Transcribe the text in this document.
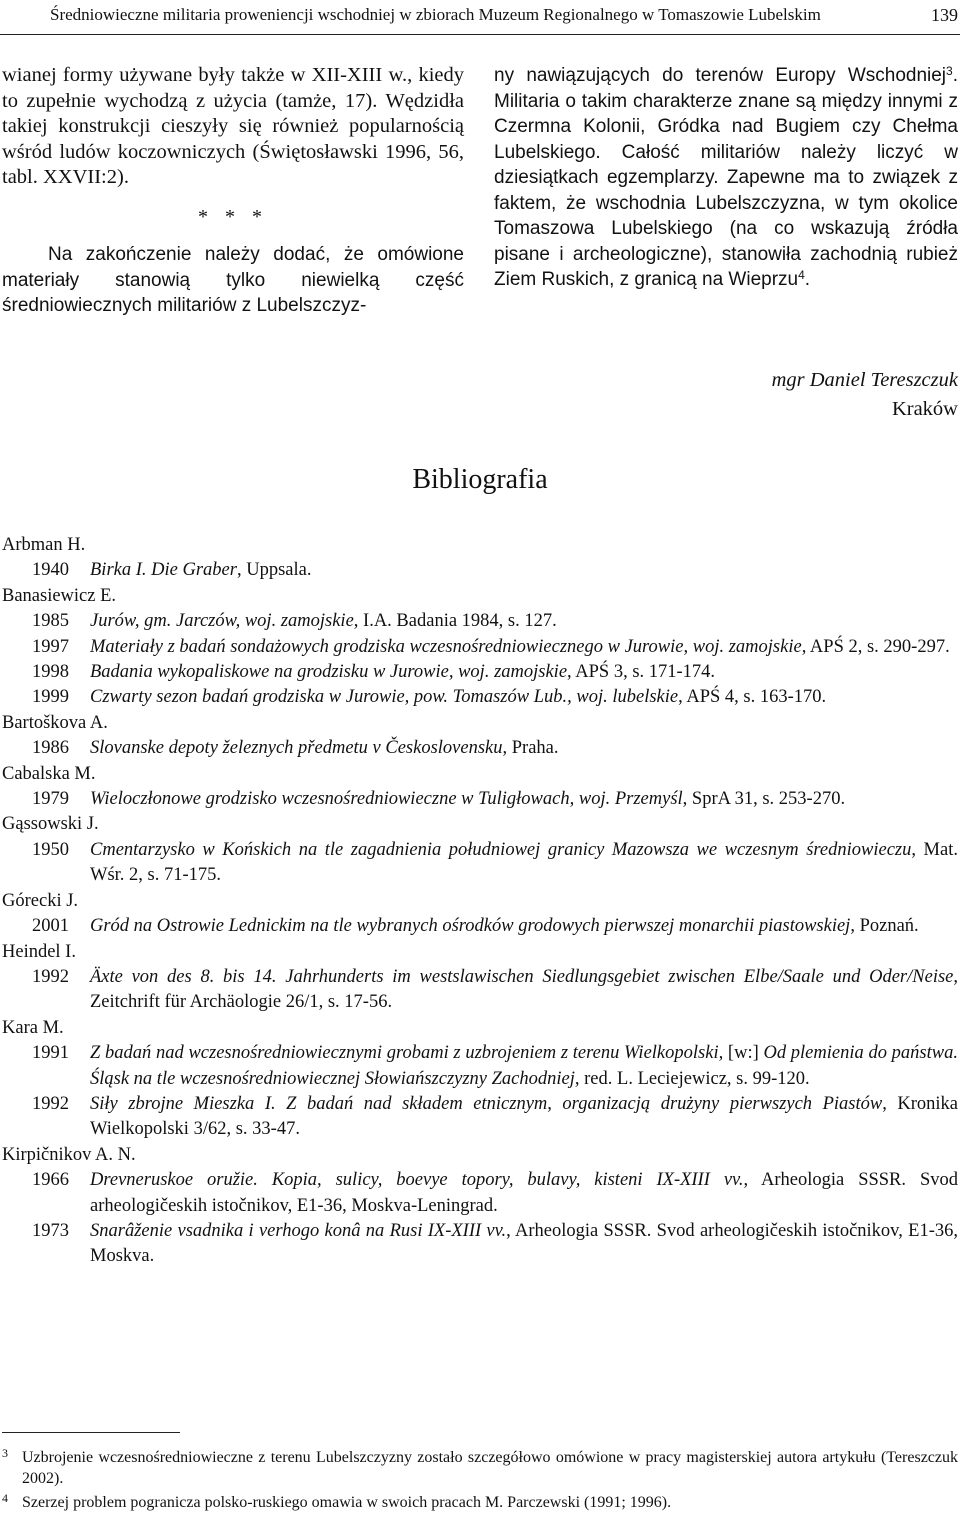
Średniowieczne militaria proweniencji wschodniej w zbiorach Muzeum Regionalnego w Tomaszowie Lubelskim	139

wianej formy używane były także w XII-XIII w., kiedy to zupełnie wychodzą z użycia (tamże, 17). Wędzidła takiej konstrukcji cieszyły się również popularnością wśród ludów koczowniczych (Świętosławski 1996, 56, tabl. XXVII:2).

* * *

Na zakończenie należy dodać, że omówione materiały stanowią tylko niewielką część średniowiecznych militariów z Lubelszczyz-

ny nawiązujących do terenów Europy Wschodniej$^3$. Militaria o takim charakterze znane są między innymi z Czermna Kolonii, Gródka nad Bugiem czy Chełma Lubelskiego. Całość militariów należy liczyć w dziesiątkach egzemplarzy. Zapewne ma to związek z faktem, że wschodnia Lubelszczyzna, w tym okolice Tomaszowa Lubelskiego (na co wskazują źródła pisane i archeologiczne), stanowiła zachodnią rubież Ziem Ruskich, z granicą na Wieprzu$^4$.

mgr Daniel Tereszczuk
Kraków
Bibliografia

Arbman H.

1940 Birka I. Die Graber, Uppsala.

Banasiewicz E.

1985 Jurów, gm. Jarczów, woj. zamojskie, I.A. Badania 1984, s. 127.

1997 Materiały z badań sondażowych grodziska wczesnośredniowiecznego w Jurowie, woj. zamojskie, APŚ 2, s. 290-297.

1998 Badania wykopaliskowe na grodzisku w Jurowie, woj. zamojskie, APŚ 3, s. 171-174.

1999 Czwarty sezon badań grodziska w Jurowie, pow. Tomaszów Lub., woj. lubelskie, APŚ 4, s. 163-170.

Bartoškova A.

1986 Slovanske depoty železnych předmetu v Československu, Praha.

Cabalska M.

1979 Wieloczłonowe grodzisko wczesnośredniowieczne w Tuligłowach, woj. Przemyśl, SprA 31, s. 253-270.

Gąssowski J.

1950 Cmentarzysko w Końskich na tle zagadnienia południowej granicy Mazowsza we wczesnym średniowieczu, Mat. Wśr. 2, s. 71-175.

Górecki J.

2001 Gród na Ostrowie Lednickim na tle wybranych ośrodków grodowych pierwszej monarchii piastowskiej, Poznań.

Heindel I.

1992 Äxte von des 8. bis 14. Jahrhunderts im westslawischen Siedlungsgebiet zwischen Elbe/Saale und Oder/Neise, Zeitchrift für Archäologie 26/1, s. 17-56.

Kara M.

1991 Z badań nad wczesnośredniowiecznymi grobami z uzbrojeniem z terenu Wielkopolski, [w:] Od plemienia do państwa. Śląsk na tle wczesnośredniowiecznej Słowiańszczyzny Zachodniej, red. L. Leciejewicz, s. 99-120.

1992 Siły zbrojne Mieszka I. Z badań nad składem etnicznym, organizacją drużyny pierwszych Piastów, Kronika Wielkopolski 3/62, s. 33-47.

Kirpičnikov A. N.

1966 Drevneruskoe oružie. Kopia, sulicy, boevye topory, bulavy, kisteni IX-XIII vv., Arheologia SSSR. Svod arheologičeskih istočnikov, E1-36, Moskva-Leningrad.

1973 Snarâženie vsadnika i verhogo konâ na Rusi IX-XIII vv., Arheologia SSSR. Svod arheologičeskih istočnikov, E1-36, Moskva.

3 Uzbrojenie wczesnośredniowieczne z terenu Lubelszczyzny zostało szczegółowo omówione w pracy magisterskiej autora artykułu (Tereszczuk 2002).

4 Szerzej problem pogranicza polsko-ruskiego omawia w swoich pracach M. Parczewski (1991; 1996).
